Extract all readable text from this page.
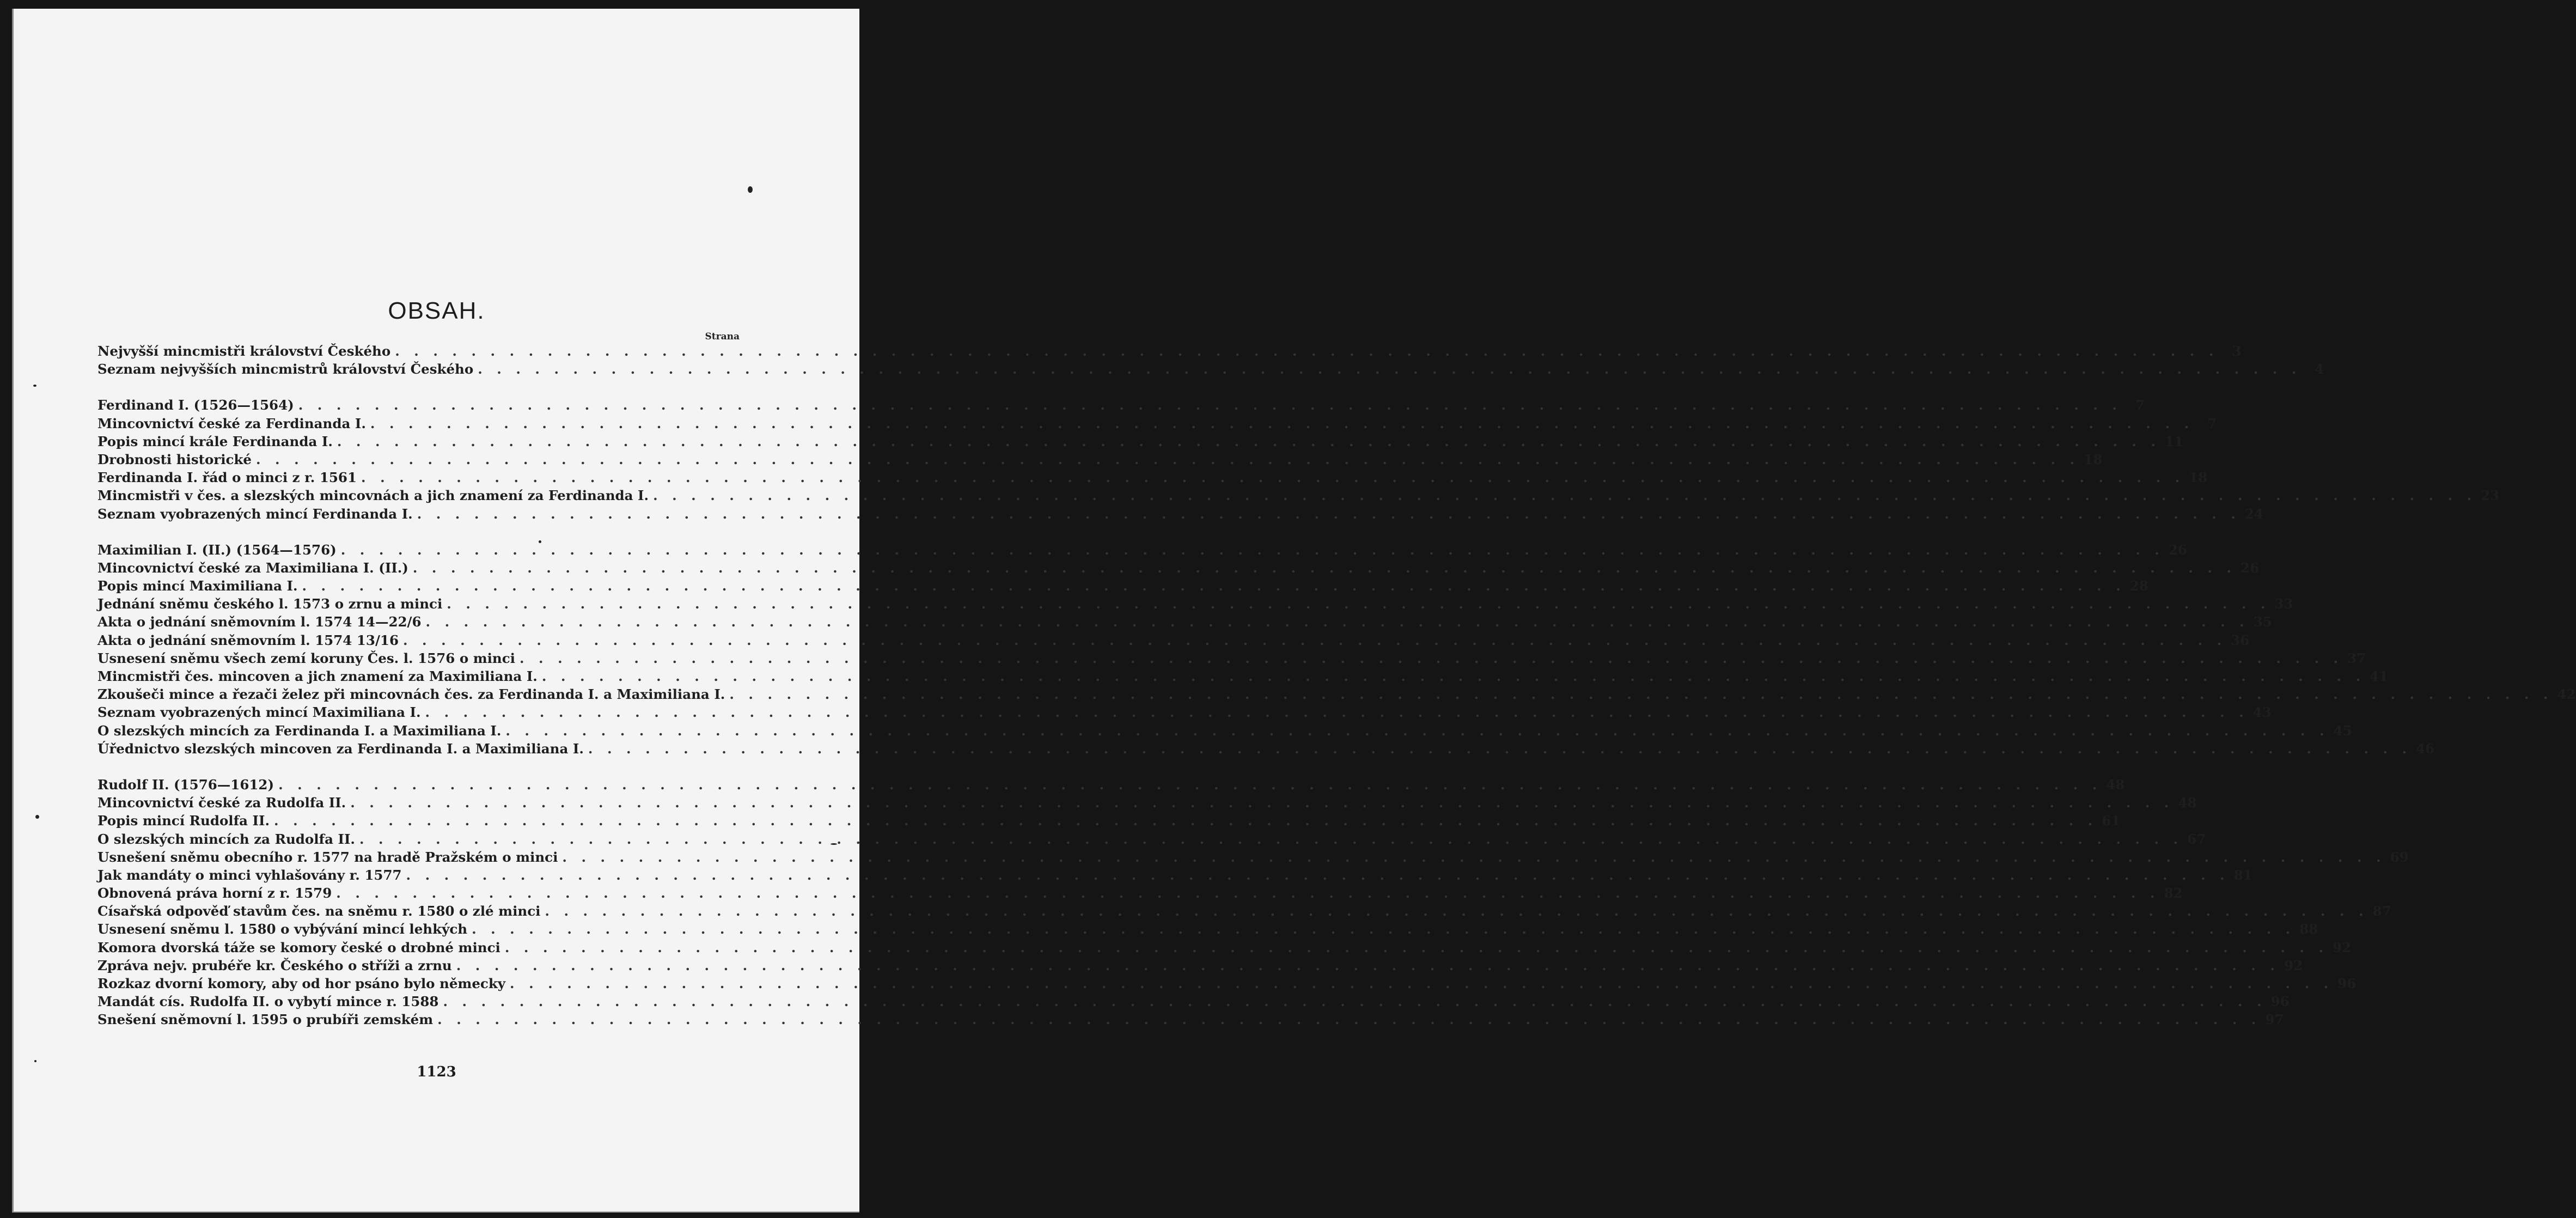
OBSAH.
Strana
Nejvyšší mincmistři království Českého . . .	3
Seznam nejvyšších mincmistrů království Českého . . .	4
Ferdinand I. (1526—1564) . . .	7
Mincovnictví české za Ferdinanda I. . . .	7
Popis mincí krále Ferdinanda I. . . .	11
Drobnosti historické . . .	18
Ferdinanda I. řád o minci z r. 1561 . . .	18
Mincmistři v čes. a slezských mincovnách a jich znamení za Ferdinanda I. . . .	23
Seznam vyobrazených mincí Ferdinanda I. . . .	24
Maximilian I. (II.) (1564—1576) . . .	26
Mincovnictví české za Maximiliana I. (II.) . . .	26
Popis mincí Maximiliana I. . . .	28
Jednání sněmu českého l. 1573 o zrnu a minci . . .	33
Akta o jednání sněmovním l. 1574 14—22/6 . . .	35
Akta o jednání sněmovním l. 1574 13/16 . . .	36
Usnesení sněmu všech zemí koruny Čes. l. 1576 o minci . . .	37
Mincmistři čes. mincoven a jich znamení za Maximiliana I. . . .	41
Zkoušeči mince a řezači želez při mincovnách čes. za Ferdinanda I. a Maximiliana I. . . .	42
Seznam vyobrazených mincí Maximiliana I. . . .	43
O slezských mincích za Ferdinanda I. a Maximiliana I. . . .	45
Úřednictvo slezských mincoven za Ferdinanda I. a Maximiliana I. . . .	46
Rudolf II. (1576—1612) . . .	48
Mincovnictví české za Rudolfa II. . . .	48
Popis mincí Rudolfa II. . . .	61
O slezských mincích za Rudolfa II. . . .	67
Usnešení sněmu obecního r. 1577 na hradě Pražském o minci . . .	69
Jak mandáty o minci vyhlašovány r. 1577 . . .	81
Obnovená práva horní z r. 1579 . . .	82
Císařská odpověď stavům čes. na sněmu r. 1580 o zlé minci . . .	87
Usnesení sněmu l. 1580 o vybývání mincí lehkých . . .	88
Komora dvorská táže se komory české o drobné minci . . .	92
Zpráva nejv. prubéře kr. Českého o stříži a zrnu . . .	92
Rozkaz dvorní komory, aby od hor psáno bylo německy . . .	96
Mandát cís. Rudolfa II. o vybytí mince r. 1588 . . .	96
Snešení sněmovní l. 1595 o prubíři zemském . . .	97
1123
